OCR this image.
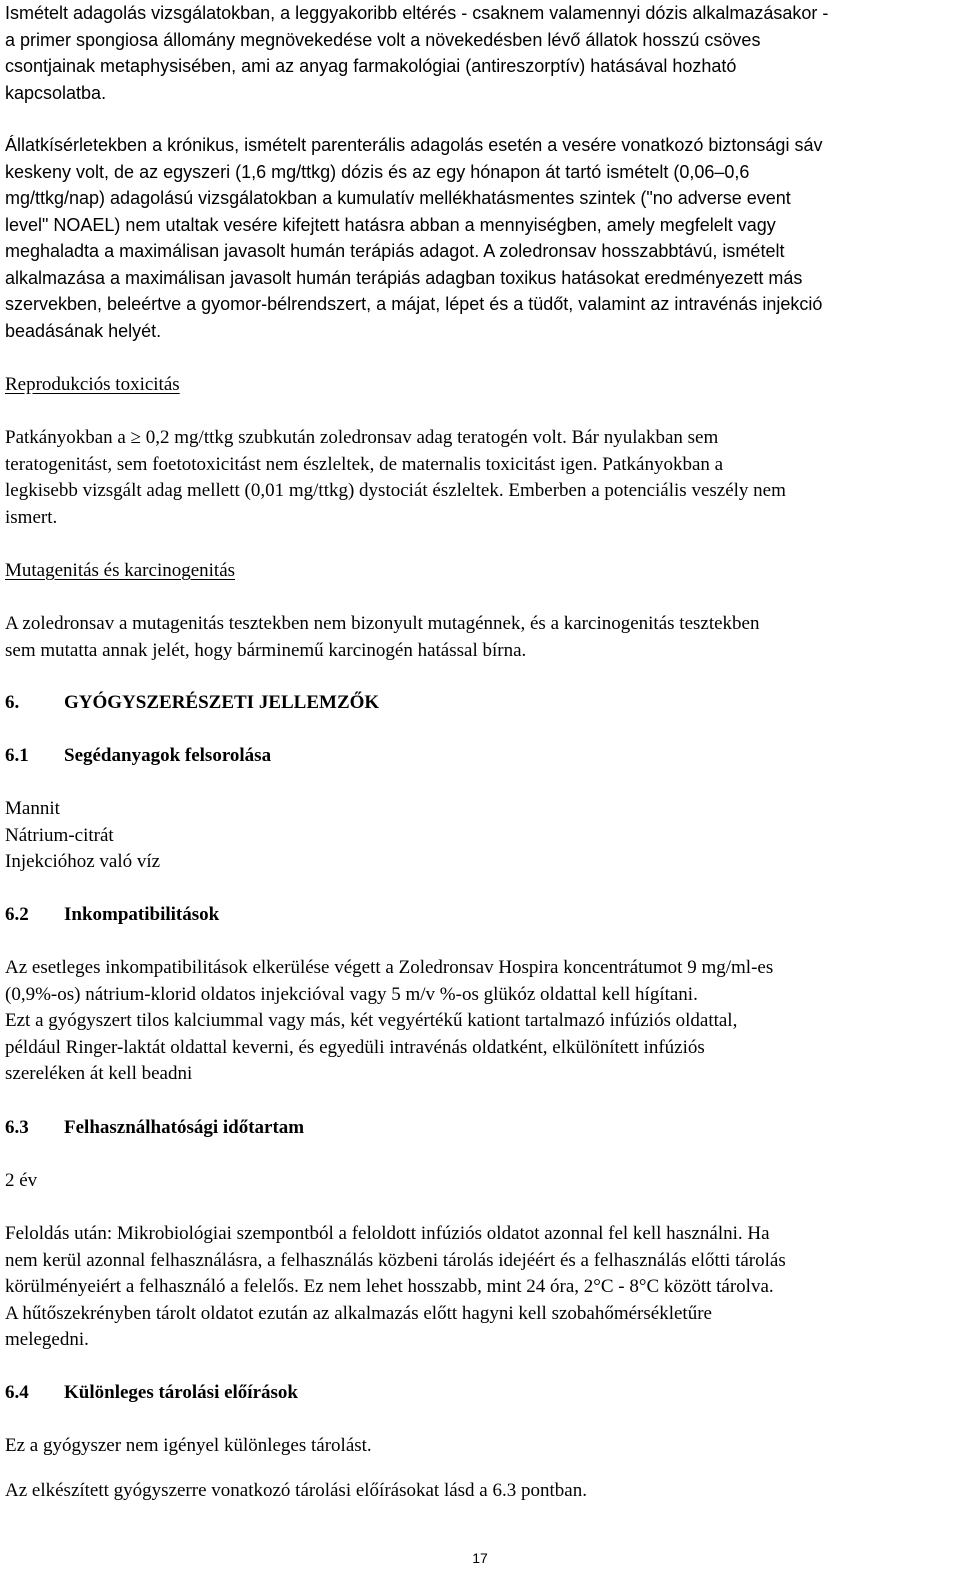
Ismételt adagolás vizsgálatokban, a leggyakoribb eltérés - csaknem valamennyi dózis alkalmazásakor -
a primer spongiosa állomány megnövekedése volt a növekedésben lévő állatok hosszú csöves
csontjainak metaphysisében, ami az anyag farmakológiai (antireszorptív) hatásával hozható
kapcsolatba.
Állatkísérletekben a krónikus, ismételt parenterális adagolás esetén a vesére vonatkozó biztonsági sáv
keskeny volt, de az egyszeri (1,6 mg/ttkg) dózis és az egy hónapon át tartó ismételt (0,06–0,6
mg/ttkg/nap) adagolású vizsgálatokban a kumulatív mellékhatásmentes szintek ("no adverse event
level" NOAEL) nem utaltak vesére kifejtett hatásra abban a mennyiségben, amely megfelelt vagy
meghaladta a maximálisan javasolt humán terápiás adagot. A zoledronsav hosszabbtávú, ismételt
alkalmazása a maximálisan javasolt humán terápiás adagban toxikus hatásokat eredményezett más
szervekben, beleértve a gyomor-bélrendszert, a májat, lépet és a tüdőt, valamint az intravénás injekció
beadásának helyét.
Reprodukciós toxicitás
Patkányokban a ≥ 0,2 mg/ttkg szubkután zoledronsav adag teratogén volt. Bár nyulakban sem
teratogenitást, sem foetotoxicitást nem észleltek, de maternalis toxicitást igen. Patkányokban a
legkisebb vizsgált adag mellett (0,01 mg/ttkg) dystociát észleltek. Emberben a potenciális veszély nem
ismert.
Mutagenitás és karcinogenitás
A zoledronsav a mutagenitás tesztekben nem bizonyult mutagénnek, és a karcinogenitás tesztekben
sem mutatta annak jelét, hogy bárminemű karcinogén hatással bírna.
6.	GYÓGYSZERÉSZETI JELLEMZŐK
6.1	Segédanyagok felsorolása
Mannit
Nátrium-citrát
Injekcióhoz való víz
6.2	Inkompatibilitások
Az esetleges inkompatibilitások elkerülése végett a Zoledronsav Hospira koncentrátumot 9 mg/ml-es
(0,9%-os) nátrium-klorid oldatos injekcióval vagy 5 m/v %-os glükóz oldattal kell hígítani.
Ezt a gyógyszert tilos kalciummal vagy más, két vegyértékű kationt tartalmazó infúziós oldattal,
például Ringer-laktát oldattal keverni, és egyedüli intravénás oldatként, elkülönített infúziós
szereléken át kell beadni
6.3	Felhasználhatósági időtartam
2 év
Feloldás után: Mikrobiológiai szempontból a feloldott infúziós oldatot azonnal fel kell használni. Ha
nem kerül azonnal felhasználásra, a felhasználás közbeni tárolás idejéért és a felhasználás előtti tárolás
körülményeiért a felhasználó a felelős. Ez nem lehet hosszabb, mint 24 óra, 2°C - 8°C között tárolva.
A hűtőszekrényben tárolt oldatot ezután az alkalmazás előtt hagyni kell szobahőmérsékletűre
melegedni.
6.4	Különleges tárolási előírások
Ez a gyógyszer nem igényel különleges tárolást.
Az elkészített gyógyszerre vonatkozó tárolási előírásokat lásd a 6.3 pontban.
17
